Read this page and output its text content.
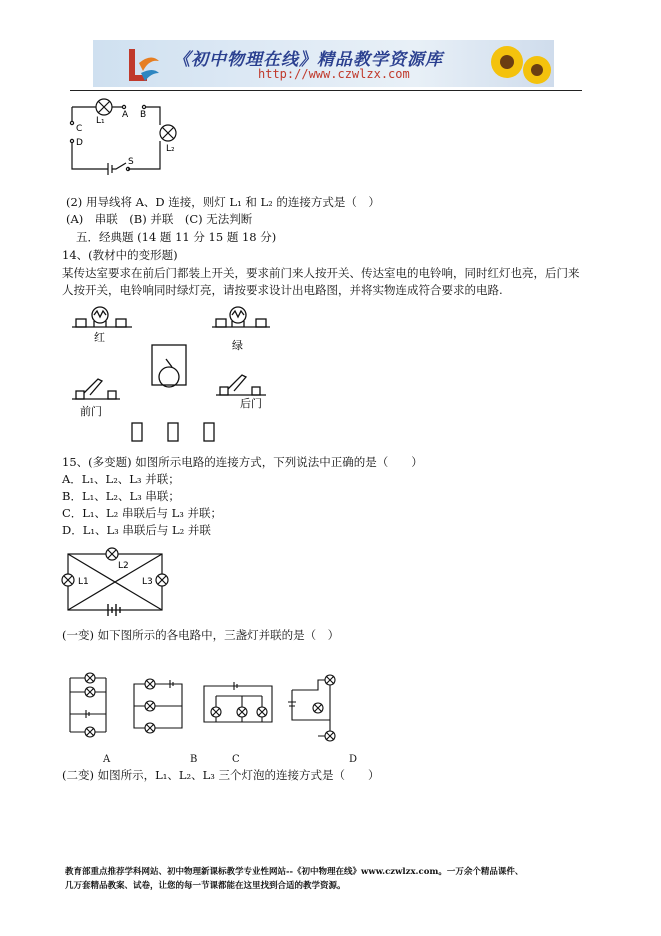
《初中物理在线》精品教学资源库
http://www.czwlzx.com
L₁
A B
C
D
L₂
S
(2) 用导线将 A、D 连接，则灯 L₁ 和 L₂ 的连接方式是（　）
(A)　串联　(B) 并联　(C) 无法判断
五．经典题 (14 题 11 分 15 题 18 分)
14、(教材中的变形题)
某传达室要求在前后门都装上开关，要求前门来人按开关、传达室电的电铃响，同时红灯也亮，后门来
人按开关，电铃响同时绿灯亮，请按要求设计出电路图，并将实物连成符合要求的电路.
红
绿
前门
后门
15、(多变题) 如图所示电路的连接方式，下列说法中正确的是（　　）
A．L₁、L₂、L₃ 并联；
B．L₁、L₂、L₃ 串联；
C．L₁、L₂ 串联后与 L₃ 并联；
D．L₁、L₃ 串联后与 L₂ 并联
L2
L1	L3
(一变) 如下图所示的各电路中，三盏灯并联的是（　）
A	B	C	D
(二变) 如图所示，L₁、L₂、L₃ 三个灯泡的连接方式是（　　）
教育部重点推荐学科网站、初中物理新课标教学专业性网站--《初中物理在线》www.czwlzx.com。一万余个精品课件、
几万套精品教案、试卷，让您的每一节课都能在这里找到合适的教学资源。
